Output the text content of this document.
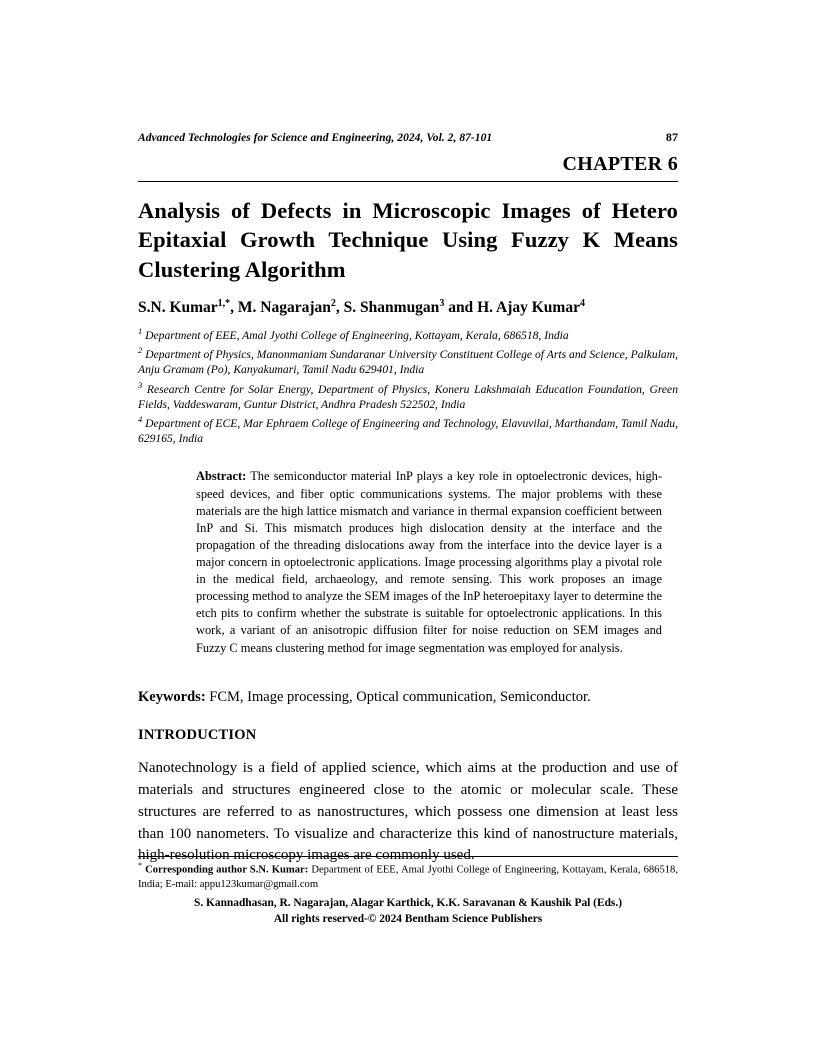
Advanced Technologies for Science and Engineering, 2024, Vol. 2, 87-101	87
CHAPTER 6
Analysis of Defects in Microscopic Images of Hetero Epitaxial Growth Technique Using Fuzzy K Means Clustering Algorithm

S.N. Kumar$^{1,*}$, M. Nagarajan$^2$, S. Shanmugan$^3$ and H. Ajay Kumar$^4$

$^1$ Department of EEE, Amal Jyothi College of Engineering, Kottayam, Kerala, 686518, India

$^2$ Department of Physics, Manonmaniam Sundaranar University Constituent College of Arts and Science, Palkulam, Anju Gramam (Po), Kanyakumari, Tamil Nadu 629401, India

$^3$ Research Centre for Solar Energy, Department of Physics, Koneru Lakshmaiah Education Foundation, Green Fields, Vaddeswaram, Guntur District, Andhra Pradesh 522502, India

$^4$ Department of ECE, Mar Ephraem College of Engineering and Technology, Elavuvilai, Marthandam, Tamil Nadu, 629165, India

Abstract: The semiconductor material InP plays a key role in optoelectronic devices, high-speed devices, and fiber optic communications systems. The major problems with these materials are the high lattice mismatch and variance in thermal expansion coefficient between InP and Si. This mismatch produces high dislocation density at the interface and the propagation of the threading dislocations away from the interface into the device layer is a major concern in optoelectronic applications. Image processing algorithms play a pivotal role in the medical field, archaeology, and remote sensing. This work proposes an image processing method to analyze the SEM images of the InP heteroepitaxy layer to determine the etch pits to confirm whether the substrate is suitable for optoelectronic applications. In this work, a variant of an anisotropic diffusion filter for noise reduction on SEM images and Fuzzy C means clustering method for image segmentation was employed for analysis.

Keywords: FCM, Image processing, Optical communication, Semiconductor.

INTRODUCTION

Nanotechnology is a field of applied science, which aims at the production and use of materials and structures engineered close to the atomic or molecular scale. These structures are referred to as nanostructures, which possess one dimension at least less than 100 nanometers. To visualize and characterize this kind of nanostructure materials, high-resolution microscopy images are commonly used.

* Corresponding author S.N. Kumar: Department of EEE, Amal Jyothi College of Engineering, Kottayam, Kerala, 686518, India; E-mail: appu123kumar@gmail.com

S. Kannadhasan, R. Nagarajan, Alagar Karthick, K.K. Saravanan & Kaushik Pal (Eds.)
All rights reserved-© 2024 Bentham Science Publishers
